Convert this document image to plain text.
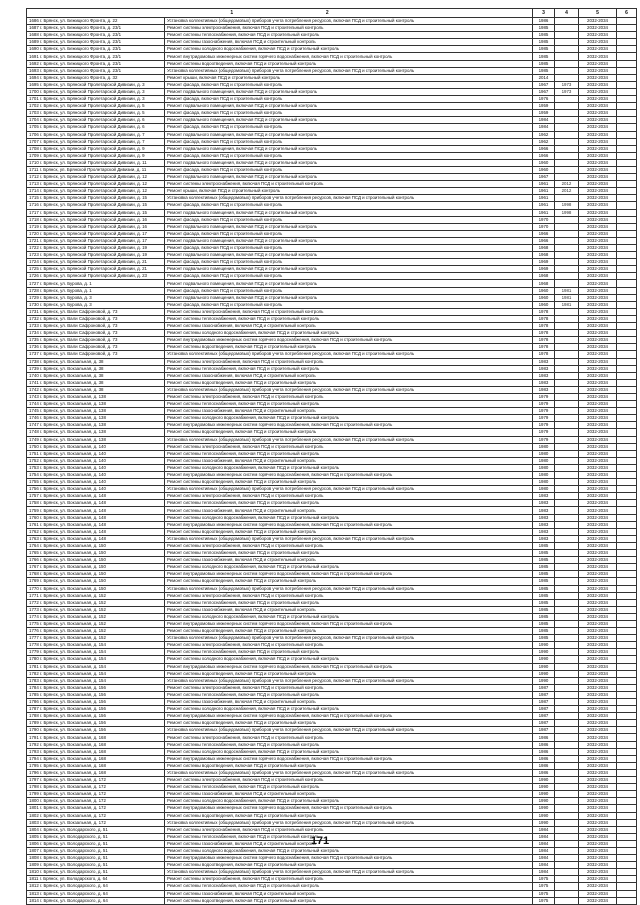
1 2		3	4	5	6	
1686 г. Брянск, ул. Бежицкого Фронта, д. 22	Установка коллективных (общедомовых) приборов учета потребления ресурсов, включая ПСД и строительный контроль	1986		2032-2034		
1687 г. Брянск, ул. Бежицкого Фронта, д. 23/1	Ремонт системы электроснабжения, включая ПСД и строительный контроль	1985		2032-2034		
1688 г. Брянск, ул. Бежицкого Фронта, д. 23/1	Ремонт системы теплоснабжения, включая ПСД и строительный контроль	1985		2032-2034		
1689 г. Брянск, ул. Бежицкого Фронта, д. 23/1	Ремонт системы газоснабжения, включая ПСД и строительный контроль	1985		2032-2034		
1690 г. Брянск, ул. Бежицкого Фронта, д. 23/1	Ремонт системы холодного водоснабжения, включая ПСД и строительный контроль	1985		2032-2034		
1691 г. Брянск, ул. Бежицкого Фронта, д. 23/1	Ремонт внутридомовых инженерных систем горячего водоснабжения, включая ПСД и строительный контроль	1985		2032-2034		
1692 г. Брянск, ул. Бежицкого Фронта, д. 23/1	Ремонт системы водоотведения, включая ПСД и строительный контроль	1985		2032-2034		
1693 г. Брянск, ул. Бежицкого Фронта, д. 23/1	Установка коллективных (общедомовых) приборов учета потребления ресурсов, включая ПСД и строительный контроль	1985		2032-2034		
1694 г. Брянск, ул. Бежицкого Фронта, д. 32	Ремонт крыши, включая ПСД и строительный контроль	2014		2032-2034		
1695 г. Брянск, ул. Брянской Пролетарской Дивизии, д. 3	Ремонт фасада, включая ПСД и строительный контроль	1967	1973	2032-2034		
1700 г. Брянск, ул. Брянской Пролетарской Дивизии, д. 3	Ремонт подвального помещения, включая ПСД и строительный контроль	1967	1973	2032-2034		
1701 г. Брянск, ул. Брянской Пролетарской Дивизии, д. 3	Ремонт фасада, включая ПСД и строительный контроль	1976		2032-2034		
1702 г. Брянск, ул. Брянской Пролетарской Дивизии, д. 5	Ремонт подвального помещения, включая ПСД и строительный контроль	1959		2032-2034		
1703 г. Брянск, ул. Брянской Пролетарской Дивизии, д. 5	Ремонт фасада, включая ПСД и строительный контроль	1959		2032-2034		
1704 г. Брянск, ул. Брянской Пролетарской Дивизии, д. 6	Ремонт подвального помещения, включая ПСД и строительный контроль	1984		2032-2034		
1705 г. Брянск, ул. Брянской Пролетарской Дивизии, д. 6	Ремонт фасада, включая ПСД и строительный контроль	1984		2032-2034		
1706 г. Брянск, ул. Брянской Пролетарской Дивизии, д. 7	Ремонт подвального помещения, включая ПСД и строительный контроль	1962		2032-2034		
1707 г. Брянск, ул. Брянской Пролетарской Дивизии, д. 7	Ремонт фасада, включая ПСД и строительный контроль	1962		2032-2034		
1708 г. Брянск, ул. Брянской Пролетарской Дивизии, д. 9	Ремонт подвального помещения, включая ПСД и строительный контроль	1966		2032-2034		
1709 г. Брянск, ул. Брянской Пролетарской Дивизии, д. 9	Ремонт фасада, включая ПСД и строительный контроль	1966		2032-2034		
1710 г. Брянск, ул. Брянской Пролетарской Дивизии, д. 11	Ремонт подвального помещения, включая ПСД и строительный контроль	1960		2032-2034		
1711 г. Брянск, ул. Брянской Пролетарской Дивизии, д. 11	Ремонт фасада, включая ПСД и строительный контроль	1960		2032-2034		
1712 г. Брянск, ул. Брянской Пролетарской Дивизии, д. 12	Ремонт подвального помещения, включая ПСД и строительный контроль	1967		2032-2034		
1713 г. Брянск, ул. Брянской Пролетарской Дивизии, д. 12	Ремонт системы электроснабжения, включая ПСД и строительный контроль	1961	2012	2032-2034		
1714 г. Брянск, ул. Брянской Пролетарской Дивизии, д. 12	Ремонт крыши, включая ПСД и строительный контроль	1961	2012	2032-2034		
1715 г. Брянск, ул. Брянской Пролетарской Дивизии, д. 15	Установка коллективных (общедомовых) приборов учета потребления ресурсов, включая ПСД и строительный контроль	1961		2032-2034		
1716 г. Брянск, ул. Брянской Пролетарской Дивизии, д. 15	Ремонт фасада, включая ПСД и строительный контроль	1961	1998	2032-2034		
1717 г. Брянск, ул. Брянской Пролетарской Дивизии, д. 15	Ремонт подвального помещения, включая ПСД и строительный контроль	1961	1998	2032-2034		
1718 г. Брянск, ул. Брянской Пролетарской Дивизии, д. 16	Ремонт фасада, включая ПСД и строительный контроль	1970		2032-2034		
1719 г. Брянск, ул. Брянской Пролетарской Дивизии, д. 16	Ремонт подвального помещения, включая ПСД и строительный контроль	1970		2032-2034		
1720 г. Брянск, ул. Брянской Пролетарской Дивизии, д. 17	Ремонт фасада, включая ПСД и строительный контроль	1966		2032-2034		
1721 г. Брянск, ул. Брянской Пролетарской Дивизии, д. 17	Ремонт подвального помещения, включая ПСД и строительный контроль	1966		2032-2034		
1722 г. Брянск, ул. Брянской Пролетарской Дивизии, д. 19	Ремонт фасада, включая ПСД и строительный контроль	1968		2032-2034		
1723 г. Брянск, ул. Брянской Пролетарской Дивизии, д. 19	Ремонт подвального помещения, включая ПСД и строительный контроль	1968		2032-2034		
1724 г. Брянск, ул. Брянской Пролетарской Дивизии, д. 21	Ремонт фасада, включая ПСД и строительный контроль	1969		2032-2034		
1725 г. Брянск, ул. Брянской Пролетарской Дивизии, д. 21	Ремонт подвального помещения, включая ПСД и строительный контроль	1969		2032-2034		
1726 г. Брянск, ул. Брянской Пролетарской Дивизии, д. 23	Ремонт фасада, включая ПСД и строительный контроль	1968		2032-2034		
1727 г. Брянск, ул. Бурова, д. 1	Ремонт подвального помещения, включая ПСД и строительный контроль	1968		2032-2034		
1728 г. Брянск, ул. Бурова, д. 1	Ремонт фасада, включая ПСД и строительный контроль	1960	1981	2032-2034		
1729 г. Брянск, ул. Бурова, д. 3	Ремонт подвального помещения, включая ПСД и строительный контроль	1960	1981	2032-2034		
1730 г. Брянск, ул. Бурова, д. 3	Ремонт фасада, включая ПСД и строительный контроль	1960	1981	2032-2034		
1731 г. Брянск, ул. Вали Сафроновой, д. 73	Ремонт системы электроснабжения, включая ПСД и строительный контроль	1978		2032-2034		
1732 г. Брянск, ул. Вали Сафроновой, д. 73	Ремонт системы теплоснабжения, включая ПСД и строительный контроль	1978		2032-2034		
1733 г. Брянск, ул. Вали Сафроновой, д. 73	Ремонт системы газоснабжения, включая ПСД и строительный контроль	1978		2032-2034		
1734 г. Брянск, ул. Вали Сафроновой, д. 73	Ремонт системы холодного водоснабжения, включая ПСД и строительный контроль	1978		2032-2034		
1735 г. Брянск, ул. Вали Сафроновой, д. 73	Ремонт внутридомовых инженерных систем горячего водоснабжения, включая ПСД и строительный контроль	1978		2032-2034		
1736 г. Брянск, ул. Вали Сафроновой, д. 73	Ремонт системы водоотведения, включая ПСД и строительный контроль	1978		2032-2034		
1737 г. Брянск, ул. Вали Сафроновой, д. 73	Установка коллективных (общедомовых) приборов учета потребления ресурсов, включая ПСД и строительный контроль	1978		2032-2034		
1738 г. Брянск, ул. Вокзальная, д. 38	Ремонт системы электроснабжения, включая ПСД и строительный контроль	1983		2032-2034		
1739 г. Брянск, ул. Вокзальная, д. 38	Ремонт системы теплоснабжения, включая ПСД и строительный контроль	1983		2032-2034		
1740 г. Брянск, ул. Вокзальная, д. 38	Ремонт системы газоснабжения, включая ПСД и строительный контроль	1983		2032-2034		
1741 г. Брянск, ул. Вокзальная, д. 38	Ремонт системы водоотведения, включая ПСД и строительный контроль	1983		2032-2034		
1742 г. Брянск, ул. Вокзальная, д. 38	Установка коллективных (общедомовых) приборов учета потребления ресурсов, включая ПСД и строительный контроль	1983		2032-2034		
1743 г. Брянск, ул. Вокзальная, д. 138	Ремонт системы электроснабжения, включая ПСД и строительный контроль	1979		2032-2034		
1744 г. Брянск, ул. Вокзальная, д. 138	Ремонт системы теплоснабжения, включая ПСД и строительный контроль	1979		2032-2034		
1745 г. Брянск, ул. Вокзальная, д. 138	Ремонт системы газоснабжения, включая ПСД и строительный контроль	1979		2032-2034		
1746 г. Брянск, ул. Вокзальная, д. 138	Ремонт системы холодного водоснабжения, включая ПСД и строительный контроль	1979		2032-2034		
1747 г. Брянск, ул. Вокзальная, д. 138	Ремонт внутридомовых инженерных систем горячего водоснабжения, включая ПСД и строительный контроль	1979		2032-2034		
1748 г. Брянск, ул. Вокзальная, д. 138	Ремонт системы водоотведения, включая ПСД и строительный контроль	1979		2032-2034		
1749 г. Брянск, ул. Вокзальная, д. 138	Установка коллективных (общедомовых) приборов учета потребления ресурсов, включая ПСД и строительный контроль	1979		2032-2034		
1750 г. Брянск, ул. Вокзальная, д. 140	Ремонт системы электроснабжения, включая ПСД и строительный контроль	1980		2032-2034		
1751 г. Брянск, ул. Вокзальная, д. 140	Ремонт системы теплоснабжения, включая ПСД и строительный контроль	1980		2032-2034		
1752 г. Брянск, ул. Вокзальная, д. 140	Ремонт системы газоснабжения, включая ПСД и строительный контроль	1980		2032-2034		
1753 г. Брянск, ул. Вокзальная, д. 140	Ремонт системы холодного водоснабжения, включая ПСД и строительный контроль	1980		2032-2034		
1754 г. Брянск, ул. Вокзальная, д. 140	Ремонт внутридомовых инженерных систем горячего водоснабжения, включая ПСД и строительный контроль	1980		2032-2034		
1755 г. Брянск, ул. Вокзальная, д. 140	Ремонт системы водоотведения, включая ПСД и строительный контроль	1980		2032-2034		
1756 г. Брянск, ул. Вокзальная, д. 140	Установка коллективных (общедомовых) приборов учета потребления ресурсов, включая ПСД и строительный контроль	1980		2032-2034		
1757 г. Брянск, ул. Вокзальная, д. 148	Ремонт системы электроснабжения, включая ПСД и строительный контроль	1983		2032-2034		
1758 г. Брянск, ул. Вокзальная, д. 148	Ремонт системы теплоснабжения, включая ПСД и строительный контроль	1983		2032-2034		
1759 г. Брянск, ул. Вокзальная, д. 148	Ремонт системы газоснабжения, включая ПСД и строительный контроль	1983		2032-2034		
1760 г. Брянск, ул. Вокзальная, д. 148	Ремонт системы холодного водоснабжения, включая ПСД и строительный контроль	1983		2032-2034		
1761 г. Брянск, ул. Вокзальная, д. 148	Ремонт внутридомовых инженерных систем горячего водоснабжения, включая ПСД и строительный контроль	1983		2032-2034		
1762 г. Брянск, ул. Вокзальная, д. 148	Ремонт системы водоотведения, включая ПСД и строительный контроль	1983		2032-2034		
1763 г. Брянск, ул. Вокзальная, д. 148	Установка коллективных (общедомовых) приборов учета потребления ресурсов, включая ПСД и строительный контроль	1983		2032-2034		
1764 г. Брянск, ул. Вокзальная, д. 150	Ремонт системы электроснабжения, включая ПСД и строительный контроль	1985		2032-2034		
1765 г. Брянск, ул. Вокзальная, д. 150	Ремонт системы теплоснабжения, включая ПСД и строительный контроль	1985		2032-2034		
1766 г. Брянск, ул. Вокзальная, д. 150	Ремонт системы газоснабжения, включая ПСД и строительный контроль	1985		2032-2034		
1767 г. Брянск, ул. Вокзальная, д. 150	Ремонт системы холодного водоснабжения, включая ПСД и строительный контроль	1985		2032-2034		
1768 г. Брянск, ул. Вокзальная, д. 150	Ремонт внутридомовых инженерных систем горячего водоснабжения, включая ПСД и строительный контроль	1985		2032-2034		
1769 г. Брянск, ул. Вокзальная, д. 150	Ремонт системы водоотведения, включая ПСД и строительный контроль	1985		2032-2034		
1770 г. Брянск, ул. Вокзальная, д. 150	Установка коллективных (общедомовых) приборов учета потребления ресурсов, включая ПСД и строительный контроль	1985		2032-2034		
1771 г. Брянск, ул. Вокзальная, д. 152	Ремонт системы электроснабжения, включая ПСД и строительный контроль	1985		2032-2034		
1772 г. Брянск, ул. Вокзальная, д. 152	Ремонт системы теплоснабжения, включая ПСД и строительный контроль	1985		2032-2034		
1773 г. Брянск, ул. Вокзальная, д. 152	Ремонт системы газоснабжения, включая ПСД и строительный контроль	1985		2032-2034		
1774 г. Брянск, ул. Вокзальная, д. 152	Ремонт системы холодного водоснабжения, включая ПСД и строительный контроль	1985		2032-2034		
1775 г. Брянск, ул. Вокзальная, д. 152	Ремонт внутридомовых инженерных систем горячего водоснабжения, включая ПСД и строительный контроль	1985		2032-2034		
1776 г. Брянск, ул. Вокзальная, д. 152	Ремонт системы водоотведения, включая ПСД и строительный контроль	1985		2032-2034		
1777 г. Брянск, ул. Вокзальная, д. 152	Установка коллективных (общедомовых) приборов учета потребления ресурсов, включая ПСД и строительный контроль	1985		2032-2034		
1778 г. Брянск, ул. Вокзальная, д. 154	Ремонт системы электроснабжения, включая ПСД и строительный контроль	1990		2032-2034		
1779 г. Брянск, ул. Вокзальная, д. 154	Ремонт системы теплоснабжения, включая ПСД и строительный контроль	1990		2032-2034		
1780 г. Брянск, ул. Вокзальная, д. 154	Ремонт системы холодного водоснабжения, включая ПСД и строительный контроль	1990		2032-2034		
1781 г. Брянск, ул. Вокзальная, д. 154	Ремонт внутридомовых инженерных систем горячего водоснабжения, включая ПСД и строительный контроль	1990		2032-2034		
1782 г. Брянск, ул. Вокзальная, д. 154	Ремонт системы водоотведения, включая ПСД и строительный контроль	1990		2032-2034		
1783 г. Брянск, ул. Вокзальная, д. 154	Установка коллективных (общедомовых) приборов учета потребления ресурсов, включая ПСД и строительный контроль	1990		2032-2034		
1784 г. Брянск, ул. Вокзальная, д. 156	Ремонт системы электроснабжения, включая ПСД и строительный контроль	1987		2032-2034		
1785 г. Брянск, ул. Вокзальная, д. 156	Ремонт системы теплоснабжения, включая ПСД и строительный контроль	1987		2032-2034		
1786 г. Брянск, ул. Вокзальная, д. 156	Ремонт системы газоснабжения, включая ПСД и строительный контроль	1987		2032-2034		
1787 г. Брянск, ул. Вокзальная, д. 156	Ремонт системы холодного водоснабжения, включая ПСД и строительный контроль	1987		2032-2034		
1788 г. Брянск, ул. Вокзальная, д. 156	Ремонт внутридомовых инженерных систем горячего водоснабжения, включая ПСД и строительный контроль	1987		2032-2034		
1789 г. Брянск, ул. Вокзальная, д. 156	Ремонт системы водоотведения, включая ПСД и строительный контроль	1987		2032-2034		
1790 г. Брянск, ул. Вокзальная, д. 156	Установка коллективных (общедомовых) приборов учета потребления ресурсов, включая ПСД и строительный контроль	1987		2032-2034		
1791 г. Брянск, ул. Вокзальная, д. 168	Ремонт системы электроснабжения, включая ПСД и строительный контроль	1986		2032-2034		
1792 г. Брянск, ул. Вокзальная, д. 168	Ремонт системы теплоснабжения, включая ПСД и строительный контроль	1986		2032-2034		
1793 г. Брянск, ул. Вокзальная, д. 168	Ремонт системы холодного водоснабжения, включая ПСД и строительный контроль	1986		2032-2034		
1794 г. Брянск, ул. Вокзальная, д. 168	Ремонт внутридомовых инженерных систем горячего водоснабжения, включая ПСД и строительный контроль	1986		2032-2034		
1795 г. Брянск, ул. Вокзальная, д. 168	Ремонт системы водоотведения, включая ПСД и строительный контроль	1986		2032-2034		
1796 г. Брянск, ул. Вокзальная, д. 168	Установка коллективных (общедомовых) приборов учета потребления ресурсов, включая ПСД и строительный контроль	1986		2032-2034		
1797 г. Брянск, ул. Вокзальная, д. 172	Ремонт системы электроснабжения, включая ПСД и строительный контроль	1990		2032-2034		
1798 г. Брянск, ул. Вокзальная, д. 172	Ремонт системы теплоснабжения, включая ПСД и строительный контроль	1990		2032-2034		
1799 г. Брянск, ул. Вокзальная, д. 172	Ремонт системы газоснабжения, включая ПСД и строительный контроль	1990		2032-2034		
1800 г. Брянск, ул. Вокзальная, д. 172	Ремонт системы холодного водоснабжения, включая ПСД и строительный контроль	1990		2032-2034		
1801 г. Брянск, ул. Вокзальная, д. 172	Ремонт внутридомовых инженерных систем горячего водоснабжения, включая ПСД и строительный контроль	1990		2032-2034		
1802 г. Брянск, ул. Вокзальная, д. 172	Ремонт системы водоотведения, включая ПСД и строительный контроль	1990		2032-2034		
1803 г. Брянск, ул. Вокзальная, д. 172	Установка коллективных (общедомовых) приборов учета потребления ресурсов, включая ПСД и строительный контроль	1990		2032-2034		
1804 г. Брянск, ул. Володарского, д. 51	Ремонт системы электроснабжения, включая ПСД и строительный контроль	1984		2032-2034		
1805 г. Брянск, ул. Володарского, д. 51	Ремонт системы теплоснабжения, включая ПСД и строительный контроль	1984		2032-2034		
1806 г. Брянск, ул. Володарского, д. 51	Ремонт системы газоснабжения, включая ПСД и строительный контроль	1984		2032-2034		
1807 г. Брянск, ул. Володарского, д. 51	Ремонт системы холодного водоснабжения, включая ПСД и строительный контроль	1984		2032-2034		
1808 г. Брянск, ул. Володарского, д. 51	Ремонт внутридомовых инженерных систем горячего водоснабжения, включая ПСД и строительный контроль	1984		2032-2034		
1809 г. Брянск, ул. Володарского, д. 51	Ремонт системы водоотведения, включая ПСД и строительный контроль	1984		2032-2034		
1810 г. Брянск, ул. Володарского, д. 51	Установка коллективных (общедомовых) приборов учета потребления ресурсов, включая ПСД и строительный контроль	1984		2032-2034		
1811 г. Брянск, ул. Володарского, д. 64	Ремонт системы электроснабжения, включая ПСД и строительный контроль	1975		2032-2034		
1812 г. Брянск, ул. Володарского, д. 64	Ремонт системы теплоснабжения, включая ПСД и строительный контроль	1975		2032-2034		
1813 г. Брянск, ул. Володарского, д. 64	Ремонт системы газоснабжения, включая ПСД и строительный контроль	1975		2032-2034		
1814 г. Брянск, ул. Володарского, д. 64	Ремонт системы водоотведения, включая ПСД и строительный контроль	1975		2032-2034		
171
